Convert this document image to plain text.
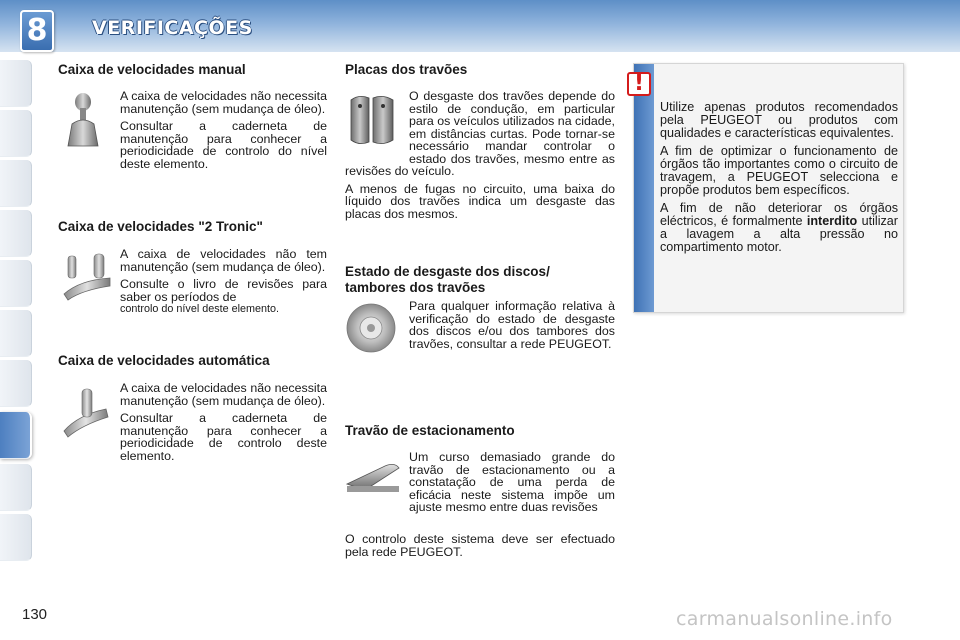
8	VERIFICAÇÕES
Caixa de velocidades manual

A caixa de velocidades não necessita manutenção (sem mudança de óleo).

Consultar a caderneta de manutenção para conhecer a periodicidade de controlo do nível deste elemento.

Caixa de velocidades "2 Tronic"

A caixa de velocidades não tem manutenção (sem mudança de óleo).

Consulte o livro de revisões para saber os períodos de

controlo do nível deste elemento.

Caixa de velocidades automática

A caixa de velocidades não necessita manutenção (sem mudança de óleo).

Consultar a caderneta de manutenção para conhecer a periodicidade de controlo deste elemento.

Placas dos travões

O desgaste dos travões depende do estilo de condução, em particular para os veículos utilizados na cidade, em distâncias curtas. Pode tornar-se necessário mandar controlar o estado dos travões, mesmo entre as revisões do veículo.

A menos de fugas no circuito, uma baixa do líquido dos travões indica um desgaste das placas dos mesmos.

Estado de desgaste dos discos/
tambores dos travões

Para qualquer informação relativa à verificação do estado de desgaste dos discos e/ou dos tambores dos travões, consultar a rede PEUGEOT.

Travão de estacionamento

Um curso demasiado grande do travão de estacionamento ou a constatação de uma perda de eficácia neste sistema impõe um ajuste mesmo entre duas revisões

O controlo deste sistema deve ser efectuado pela rede PEUGEOT.

!

Utilize apenas produtos recomendados pela PEUGEOT ou produtos com qualidades e características equivalentes.

A fim de optimizar o funcionamento de órgãos tão importantes como o circuito de travagem, a PEUGEOT selecciona e propõe produtos bem específicos.

A fim de não deteriorar os órgãos eléctricos, é formalmente interdito utilizar a lavagem a alta pressão no compartimento motor.

130	carmanualsonline.info
